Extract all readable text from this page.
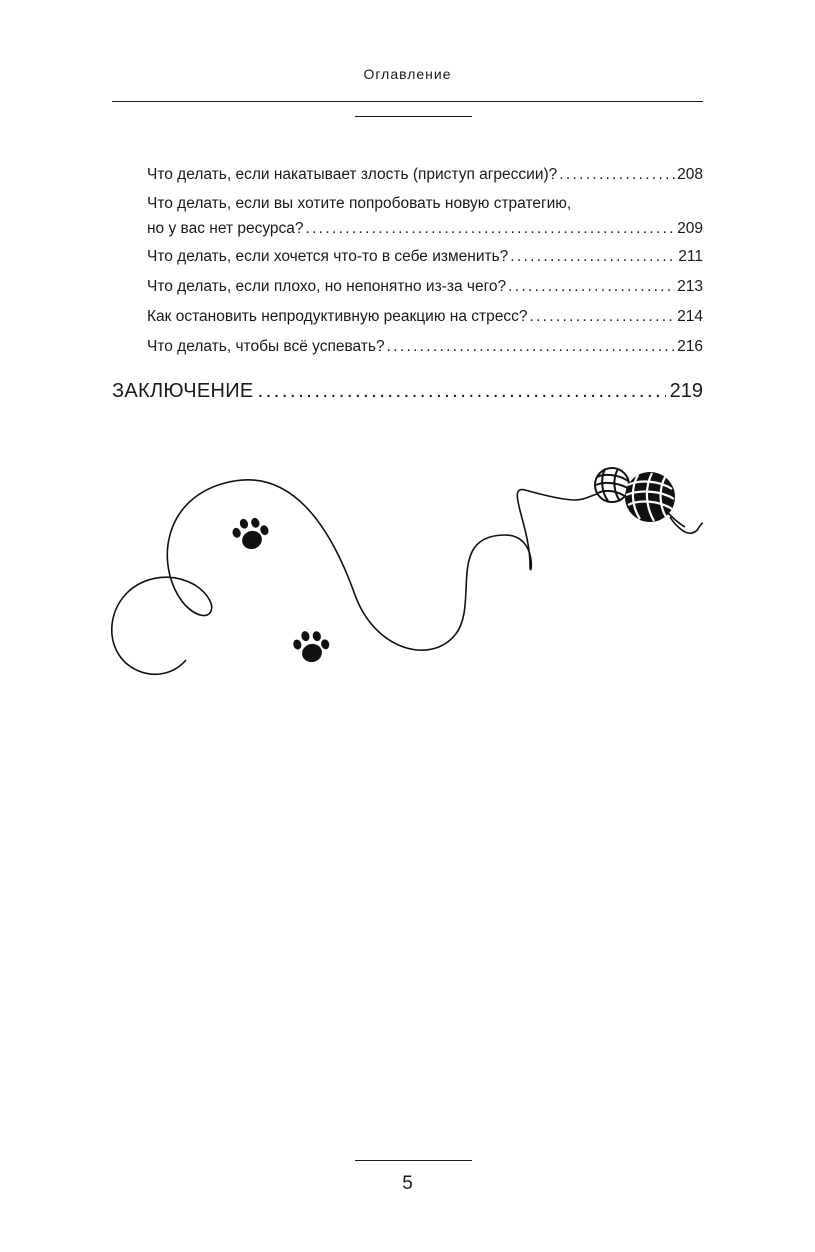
Оглавление
Что делать, если накатывает злость (приступ агрессии)? . . .	208
Что делать, если вы хотите попробовать новую стратегию,
но у вас нет ресурса? . . .	209
Что делать, если хочется что-то в себе изменить? . . .	211
Что делать, если плохо, но непонятно из-за чего? . . .	213
Как остановить непродуктивную реакцию на стресс? . . .	214
Что делать, чтобы всё успевать? . . .	216
ЗАКЛЮЧЕНИЕ . . .	219
5
